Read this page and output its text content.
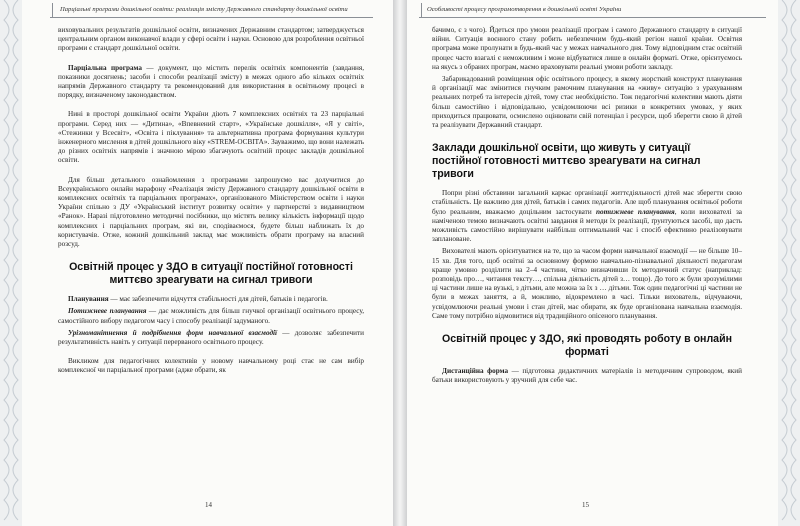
Парціальні програми дошкільної освіти: реалізація змісту Державного стандарту дошкільної освіти

виховувальних результатів дошкільної освіти, визначених Державним стандартом; затверджується центральним органом виконавчої влади у сфері освіти і науки. Основою для розроблення освітньої програми є стандарт дошкільної освіти.

Парціальна програма — документ, що містить перелік освітніх компонентів (завдання, показники досягнень; засоби і способи реалізації змісту) в межах одного або кількох освітніх напрямів Державного стандарту та рекомендований для використання в освітньому процесі в порядку, визначеному законодавством.

Нині в просторі дошкільної освіти України діють 7 комплексних освітніх та 23 парціальні програми. Серед них — «Дитина», «Впевнений старт», «Українське дошкілля», «Я у світі», «Стежинки у Всесвіт», «Освіта і піклування» та альтернативна програма формування культури інженерного мислення в дітей дошкільного віку «STREM-ОСВІТА». Зауважимо, що вони належать до різних освітніх напрямів і значною мірою збагачують освітній процес закладів дошкільної освіти.

Для більш детального ознайомлення з програмами запрошуємо вас долучитися до Всеукраїнського онлайн марафону «Реалізація змісту Державного стандарту дошкільної освіти в комплексних освітніх та парціальних програмах», організованого Міністерством освіти і науки України спільно з ДУ «Український інститут розвитку освіти» у партнерстві з видавництвом «Ранок». Наразі підготовлено методичні посібники, що містять велику кількість інформації щодо комплексних і парціальних програм, які ви, сподіваємося, будете більш наближать їх до користувачів. Отже, кожний дошкільний заклад має можливість обрати програму на власний розсуд.

Освітній процес у ЗДО в ситуації постійної готовності миттєво зреагувати на сигнал тривоги

Планування — має забезпечити відчуття стабільності для дітей, батьків і педагогів.

Потижневе планування — дає можливість для більш гнучкої організації освітнього процесу, самостійного вибору педагогом часу і способу реалізації задуманого.

Урізноманітнення й подрібнення форм навчальної взаємодії — дозволяє забезпечити результативність навіть у ситуації перерваного освітнього процесу.

Викликом для педагогічних колективів у новому навчальному році стає не сам вибір комплексної чи парціальної програми (адже обрати, як

14
Особливості процесу програмотворення в дошкільній освіті України

бачимо, є з чого). Йдеться про умови реалізації програм і самого Державного стандарту в ситуації війни. Ситуація воєнного стану робить небезпечним будь-який регіон нашої країни. Освітня програма може пролунати в будь-який час у межах навчального дня. Тому відповідним стає освітній процес часто взагалі є неможливим і може відбуватися лише в онлайн форматі. Отже, орієнтуємось на якусь з обраних програм, маємо враховувати реальні умови роботи закладу.

Забарикадований розміщення офіс освітнього процесу, в якому жорсткий конструкт планування й організації має змінитися гнучким рамочним планування на «живу» ситуацію з урахуванням реальних потреб та інтересів дітей, тому стає необхідністю. Тож педагогічні колективи мають діяти більш самостійно і відповідально, усвідомлюючи всі ризики в конкретних умовах, у яких приходиться працювати, осмислено оцінювати свій потенціал і ресурси, щоб зберегти свою й дітей та реалізувати Державний стандарт.

Заклади дошкільної освіти, що живуть у ситуації постійної готовності миттєво зреагувати на сигнал тривоги

Попри різні обставини загальний каркас організації життєдіяльності дітей має зберегти свою стабільність. Це важливо для дітей, батьків і самих педагогів. Але щоб планування освітньої роботи було реальним, вважаємо доцільним застосувати потижневе планування, коли вихователі за наміченою темою визначають освітні завдання й методи їх реалізації, ґрунтуються засобі, що дасть можливість самостійно вирішувати найбільш оптимальний час і спосіб ефективно реалізовувати заплановане.

Вихователі мають орієнтуватися на те, що за часом форми навчальної взаємодії — не більше 10–15 хв. Для того, щоб освітні за основному формою навчально-пізнавальної діяльності педагогам краще умовно розділити на 2–4 частини, чітко визначивши їх методичний статус (наприклад: розповідь про…, читання тексту…, спільна діяльність дітей з… тощо). До того ж були зрозумілими ці частини лише на вузькі, з дітьми, але можна за їх з … дітьми. Тож один педагогічні ці частини не були в межах заняття, а й, можливо, відокремлено в часі. Тільки вихователь, відчуваючи, усвідомлюючи реальні умови і стан дітей, має обирати, як буде організована навчальна взаємодія. Саме тому потрібно відмовитися від традиційного опісеного планування.

Освітній процес у ЗДО, які проводять роботу в онлайн форматі

Дистанційна форма — підготовка дидактичних матеріалів із методичним супроводом, який батьки використовують у зручний для себе час.

15
